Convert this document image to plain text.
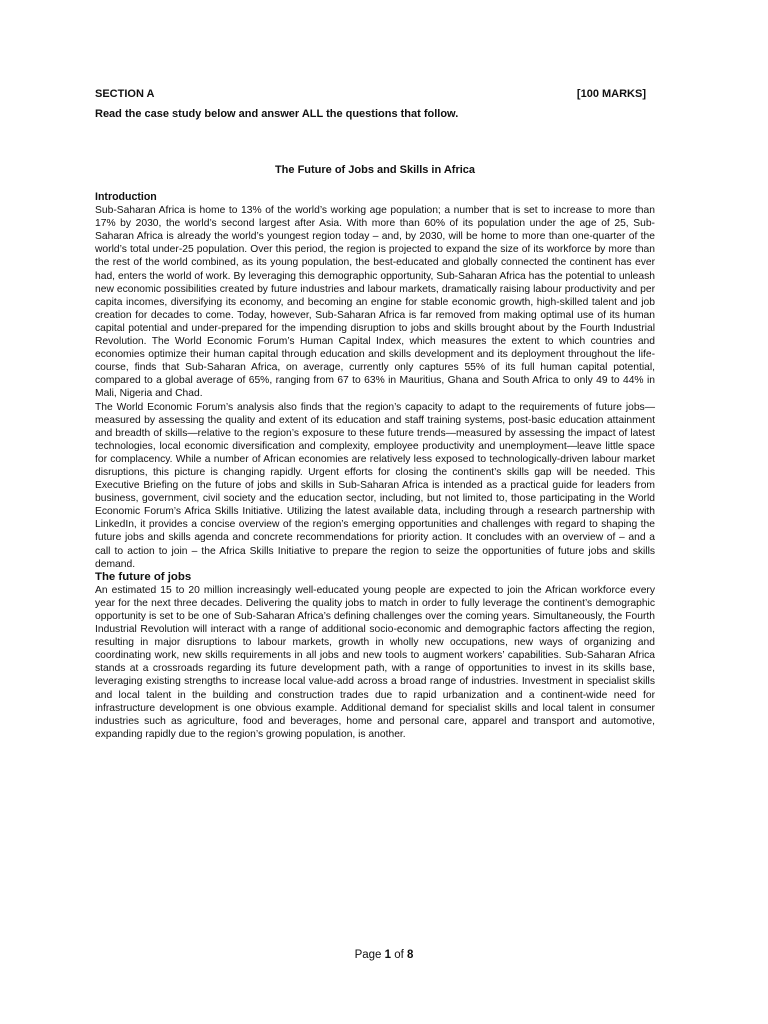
SECTION A	[100 MARKS]
Read the case study below and answer ALL the questions that follow.
The Future of Jobs and Skills in Africa
Introduction

Sub-Saharan Africa is home to 13% of the world’s working age population; a number that is set to increase to more than 17% by 2030, the world’s second largest after Asia. With more than 60% of its population under the age of 25, Sub-Saharan Africa is already the world’s youngest region today – and, by 2030, will be home to more than one-quarter of the world’s total under-25 population. Over this period, the region is projected to expand the size of its workforce by more than the rest of the world combined, as its young population, the best-educated and globally connected the continent has ever had, enters the world of work. By leveraging this demographic opportunity, Sub-Saharan Africa has the potential to unleash new economic possibilities created by future industries and labour markets, dramatically raising labour productivity and per capita incomes, diversifying its economy, and becoming an engine for stable economic growth, high-skilled talent and job creation for decades to come. Today, however, Sub-Saharan Africa is far removed from making optimal use of its human capital potential and under-prepared for the impending disruption to jobs and skills brought about by the Fourth Industrial Revolution. The World Economic Forum’s Human Capital Index, which measures the extent to which countries and economies optimize their human capital through education and skills development and its deployment throughout the life-course, finds that Sub-Saharan Africa, on average, currently only captures 55% of its full human capital potential, compared to a global average of 65%, ranging from 67 to 63% in Mauritius, Ghana and South Africa to only 49 to 44% in Mali, Nigeria and Chad.

The World Economic Forum’s analysis also finds that the region’s capacity to adapt to the requirements of future jobs—measured by assessing the quality and extent of its education and staff training systems, post-basic education attainment and breadth of skills—relative to the region’s exposure to these future trends—measured by assessing the impact of latest technologies, local economic diversification and complexity, employee productivity and unemployment—leave little space for complacency. While a number of African economies are relatively less exposed to technologically-driven labour market disruptions, this picture is changing rapidly. Urgent efforts for closing the continent’s skills gap will be needed. This Executive Briefing on the future of jobs and skills in Sub-Saharan Africa is intended as a practical guide for leaders from business, government, civil society and the education sector, including, but not limited to, those participating in the World Economic Forum’s Africa Skills Initiative. Utilizing the latest available data, including through a research partnership with LinkedIn, it provides a concise overview of the region’s emerging opportunities and challenges with regard to shaping the future jobs and skills agenda and concrete recommendations for priority action. It concludes with an overview of – and a call to action to join – the Africa Skills Initiative to prepare the region to seize the opportunities of future jobs and skills demand.

The future of jobs

An estimated 15 to 20 million increasingly well-educated young people are expected to join the African workforce every year for the next three decades. Delivering the quality jobs to match in order to fully leverage the continent’s demographic opportunity is set to be one of Sub-Saharan Africa’s defining challenges over the coming years. Simultaneously, the Fourth Industrial Revolution will interact with a range of additional socio-economic and demographic factors affecting the region, resulting in major disruptions to labour markets, growth in wholly new occupations, new ways of organizing and coordinating work, new skills requirements in all jobs and new tools to augment workers’ capabilities. Sub-Saharan Africa stands at a crossroads regarding its future development path, with a range of opportunities to invest in its skills base, leveraging existing strengths to increase local value-add across a broad range of industries. Investment in specialist skills and local talent in the building and construction trades due to rapid urbanization and a continent-wide need for infrastructure development is one obvious example. Additional demand for specialist skills and local talent in consumer industries such as agriculture, food and beverages, home and personal care, apparel and transport and automotive, expanding rapidly due to the region’s growing population, is another.

Page 1 of 8
